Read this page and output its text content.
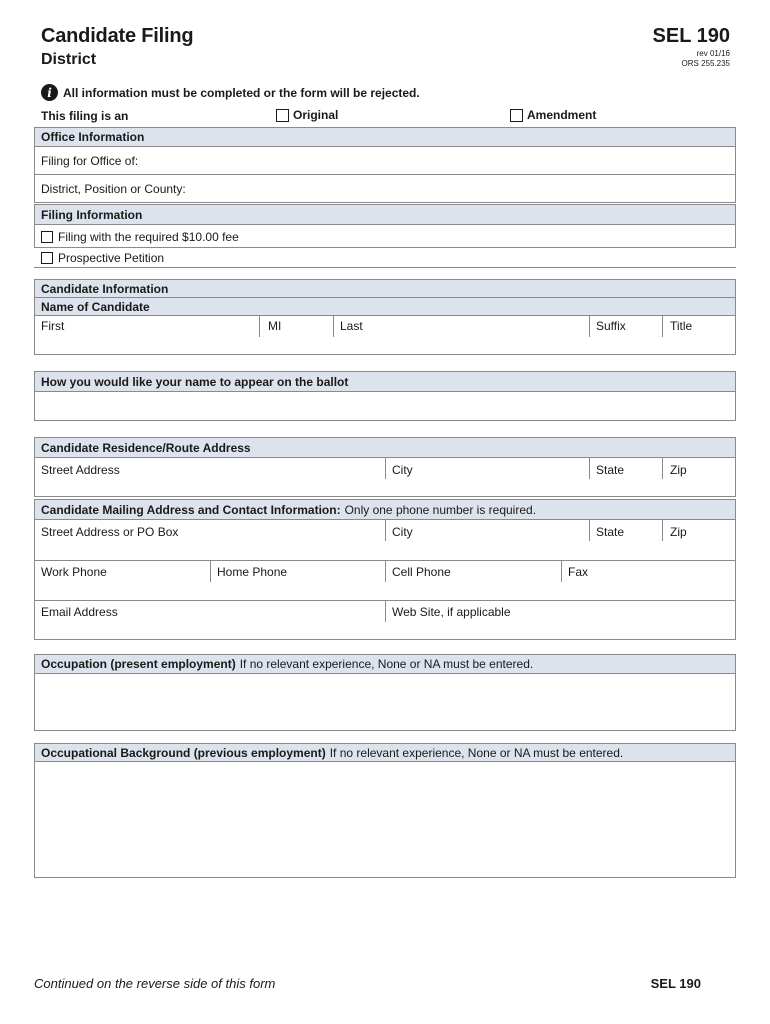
Candidate Filing
District
SEL 190
rev 01/16
ORS 255.235
i All information must be completed or the form will be rejected.
This filing is an	Original	Amendment
Office Information
Filing for Office of:
District, Position or County:
Filing Information
Filing with the required $10.00 fee
Prospective Petition
Candidate Information
Name of Candidate
First	MI	Last	Suffix	Title
How you would like your name to appear on the ballot
Candidate Residence/Route Address
Street Address	City	State	Zip
Candidate Mailing Address and Contact Information: Only one phone number is required.
Street Address or PO Box	City	State	Zip
Work Phone	Home Phone	Cell Phone	Fax
Email Address	Web Site, if applicable
Occupation (present employment) If no relevant experience, None or NA must be entered.
Occupational Background (previous employment) If no relevant experience, None or NA must be entered.
Continued on the reverse side of this form	SEL 190
